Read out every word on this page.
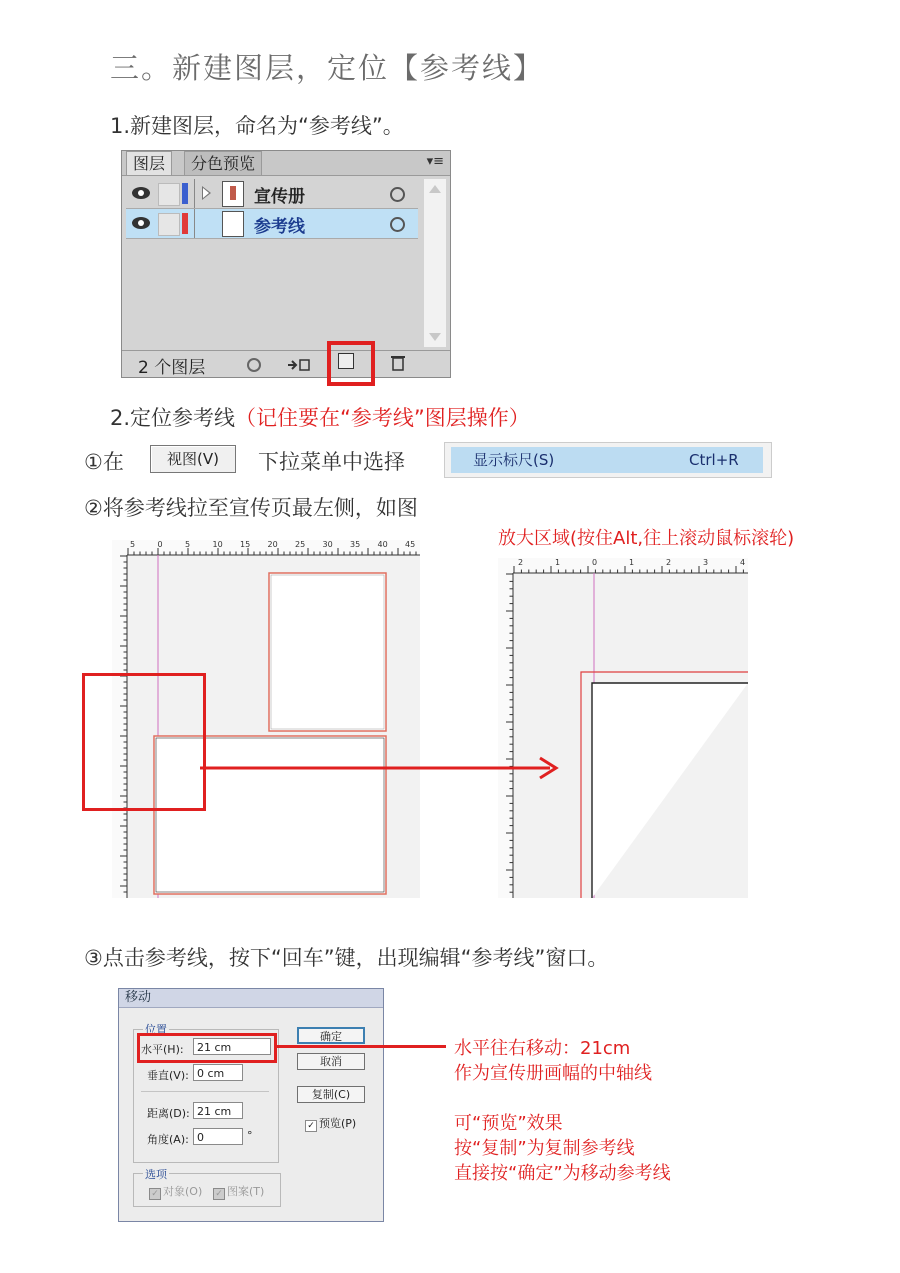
三。新建图层，定位【参考线】
1.新建图层，命名为“参考线”。
图层	分色预览	▾≡
宣传册
参考线
2 个图层
2.定位参考线（记住要在“参考线”图层操作）
①在	视图(V)	下拉菜单中选择	显示标尺(S)	Ctrl+R
②将参考线拉至宣传页最左侧，如图
放大区域(按住Alt,往上滚动鼠标滚轮)
5	0	5	10 15 20 25 30 35 40 45
2	1	0	1	2	3	4
③点击参考线，按下“回车”键，出现编辑“参考线”窗口。
移动
位置
水平(H):	21 cm
垂直(V): 0 cm
距离(D): 21 cm
角度(A): 0	°
确定
取消
复制(C)
✓ 预览(P)
选项
✓ 对象(O) ✓ 图案(T)
水平往右移动：21cm
作为宣传册画幅的中轴线
可“预览”效果
按“复制”为复制参考线
直接按“确定”为移动参考线
